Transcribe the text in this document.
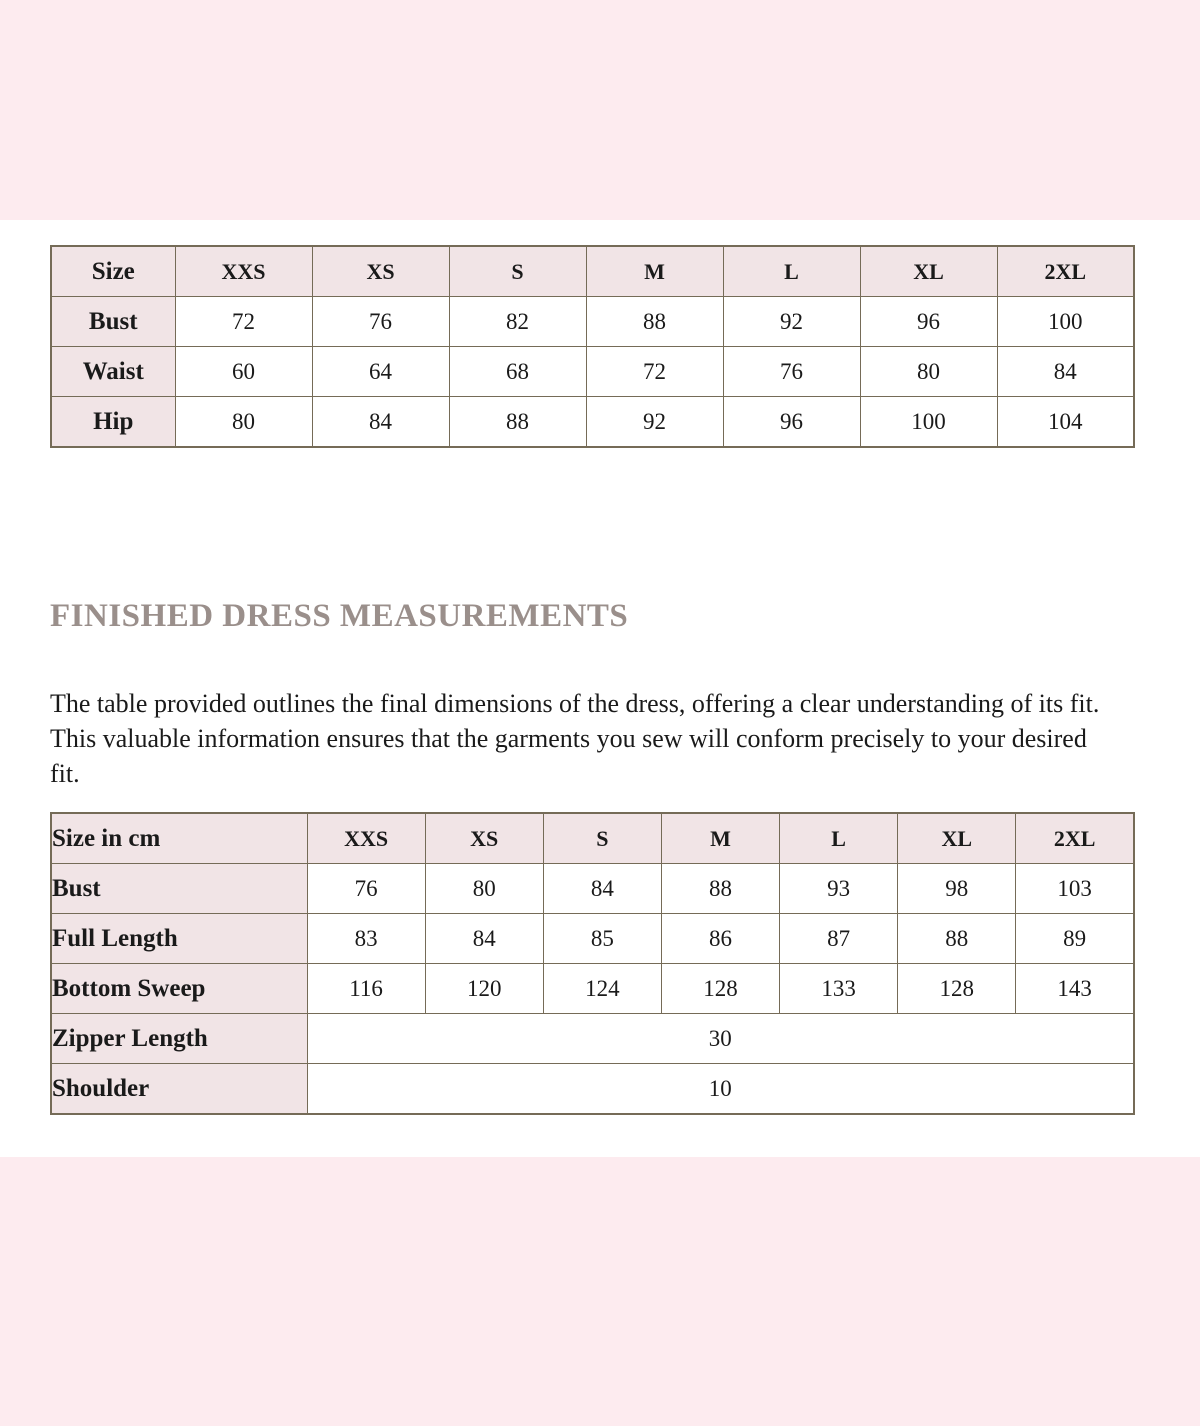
Size	XXS	XS	S	M	L	XL	2XL
Bust	72	76	82	88	92	96	100
Waist	60	64	68	72	76	80	84
Hip	80	84	88	92	96	100	104
FINISHED DRESS MEASUREMENTS

The table provided outlines the final dimensions of the dress, offering a clear understanding of its fit. This valuable information ensures that the garments you sew will conform precisely to your desired fit.

Size in cm	XXS	XS	S	M	L	XL	2XL
Bust	76	80	84	88	93	98	103
Full Length	83	84	85	86	87	88	89
Bottom Sweep	116	120	124	128	133	128	143
Zipper Length	30						
Shoulder	10						
